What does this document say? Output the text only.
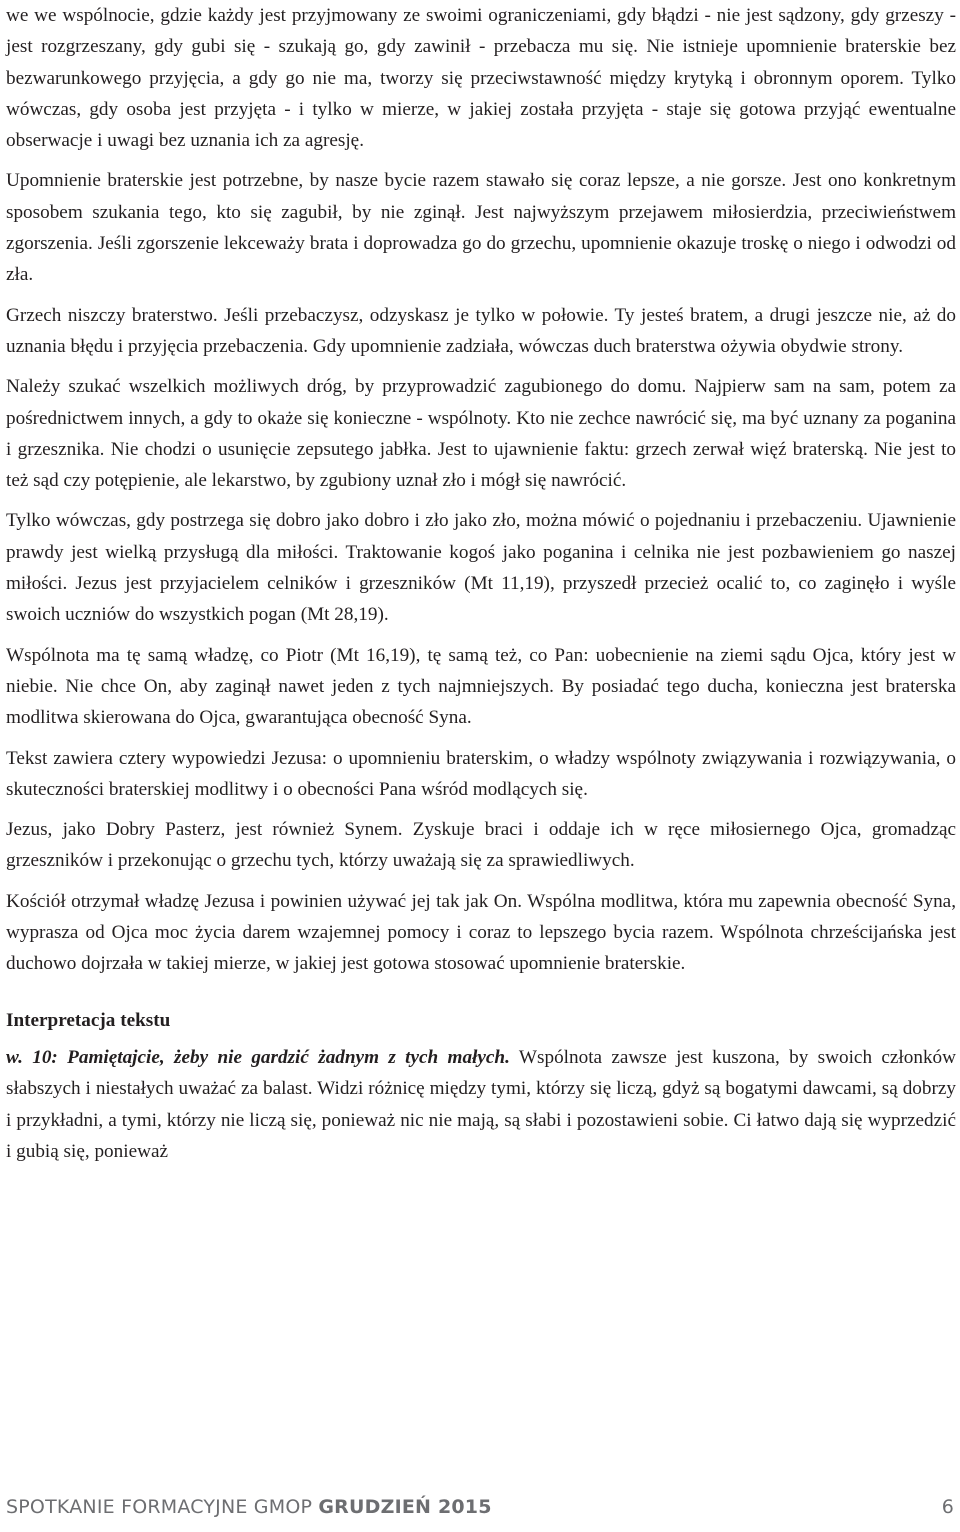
we we wspólnocie, gdzie każdy jest przyjmowany ze swoimi ograniczeniami, gdy błądzi - nie jest sądzony, gdy grzeszy - jest rozgrzeszany, gdy gubi się - szukają go, gdy zawinił - przebacza mu się. Nie istnieje upomnienie braterskie bez bezwarunkowego przyjęcia, a gdy go nie ma, tworzy się przeciwstawność między krytyką i obronnym oporem. Tylko wówczas, gdy osoba jest przyjęta - i tylko w mierze, w jakiej została przyjęta - staje się gotowa przyjąć ewentualne obserwacje i uwagi bez uznania ich za agresję.

Upomnienie braterskie jest potrzebne, by nasze bycie razem stawało się coraz lepsze, a nie gorsze. Jest ono konkretnym sposobem szukania tego, kto się zagubił, by nie zginął. Jest najwyższym przejawem miłosierdzia, przeciwieństwem zgorszenia. Jeśli zgorszenie lekceważy brata i doprowadza go do grzechu, upomnienie okazuje troskę o niego i odwodzi od zła.

Grzech niszczy braterstwo. Jeśli przebaczysz, odzyskasz je tylko w połowie. Ty jesteś bratem, a drugi jeszcze nie, aż do uznania błędu i przyjęcia przebaczenia. Gdy upomnienie zadziała, wówczas duch braterstwa ożywia obydwie strony.

Należy szukać wszelkich możliwych dróg, by przyprowadzić zagubionego do domu. Najpierw sam na sam, potem za pośrednictwem innych, a gdy to okaże się konieczne - wspólnoty. Kto nie zechce nawrócić się, ma być uznany za poganina i grzesznika. Nie chodzi o usunięcie zepsutego jabłka. Jest to ujawnienie faktu: grzech zerwał więź braterską. Nie jest to też sąd czy potępienie, ale lekarstwo, by zgubiony uznał zło i mógł się nawrócić.

Tylko wówczas, gdy postrzega się dobro jako dobro i zło jako zło, można mówić o pojednaniu i przebaczeniu. Ujawnienie prawdy jest wielką przysługą dla miłości. Traktowanie kogoś jako poganina i celnika nie jest pozbawieniem go naszej miłości. Jezus jest przyjacielem celników i grzeszników (Mt 11,19), przyszedł przecież ocalić to, co zaginęło i wyśle swoich uczniów do wszystkich pogan (Mt 28,19).

Wspólnota ma tę samą władzę, co Piotr (Mt 16,19), tę samą też, co Pan: uobecnienie na ziemi sądu Ojca, który jest w niebie. Nie chce On, aby zaginął nawet jeden z tych najmniejszych. By posiadać tego ducha, konieczna jest braterska modlitwa skierowana do Ojca, gwarantująca obecność Syna.

Tekst zawiera cztery wypowiedzi Jezusa: o upomnieniu braterskim, o władzy wspólnoty związywania i rozwiązywania, o skuteczności braterskiej modlitwy i o obecności Pana wśród modlących się.

Jezus, jako Dobry Pasterz, jest również Synem. Zyskuje braci i oddaje ich w ręce miłosiernego Ojca, gromadząc grzeszników i przekonując o grzechu tych, którzy uważają się za sprawiedliwych.

Kościół otrzymał władzę Jezusa i powinien używać jej tak jak On. Wspólna modlitwa, która mu zapewnia obecność Syna, wyprasza od Ojca moc życia darem wzajemnej pomocy i coraz to lepszego bycia razem. Wspólnota chrześcijańska jest duchowo dojrzała w takiej mierze, w jakiej jest gotowa stosować upomnienie braterskie.

Interpretacja tekstu

w. 10: Pamiętajcie, żeby nie gardzić żadnym z tych małych. Wspólnota zawsze jest kuszona, by swoich członków słabszych i niestałych uważać za balast. Widzi różnicę między tymi, którzy się liczą, gdyż są bogatymi dawcami, są dobrzy i przykładni, a tymi, którzy nie liczą się, ponieważ nic nie mają, są słabi i pozostawieni sobie. Ci łatwo dają się wyprzedzić i gubią się, ponieważ

SPOTKANIE FORMACYJNE GMOP GRUDZIEŃ 2015	6
